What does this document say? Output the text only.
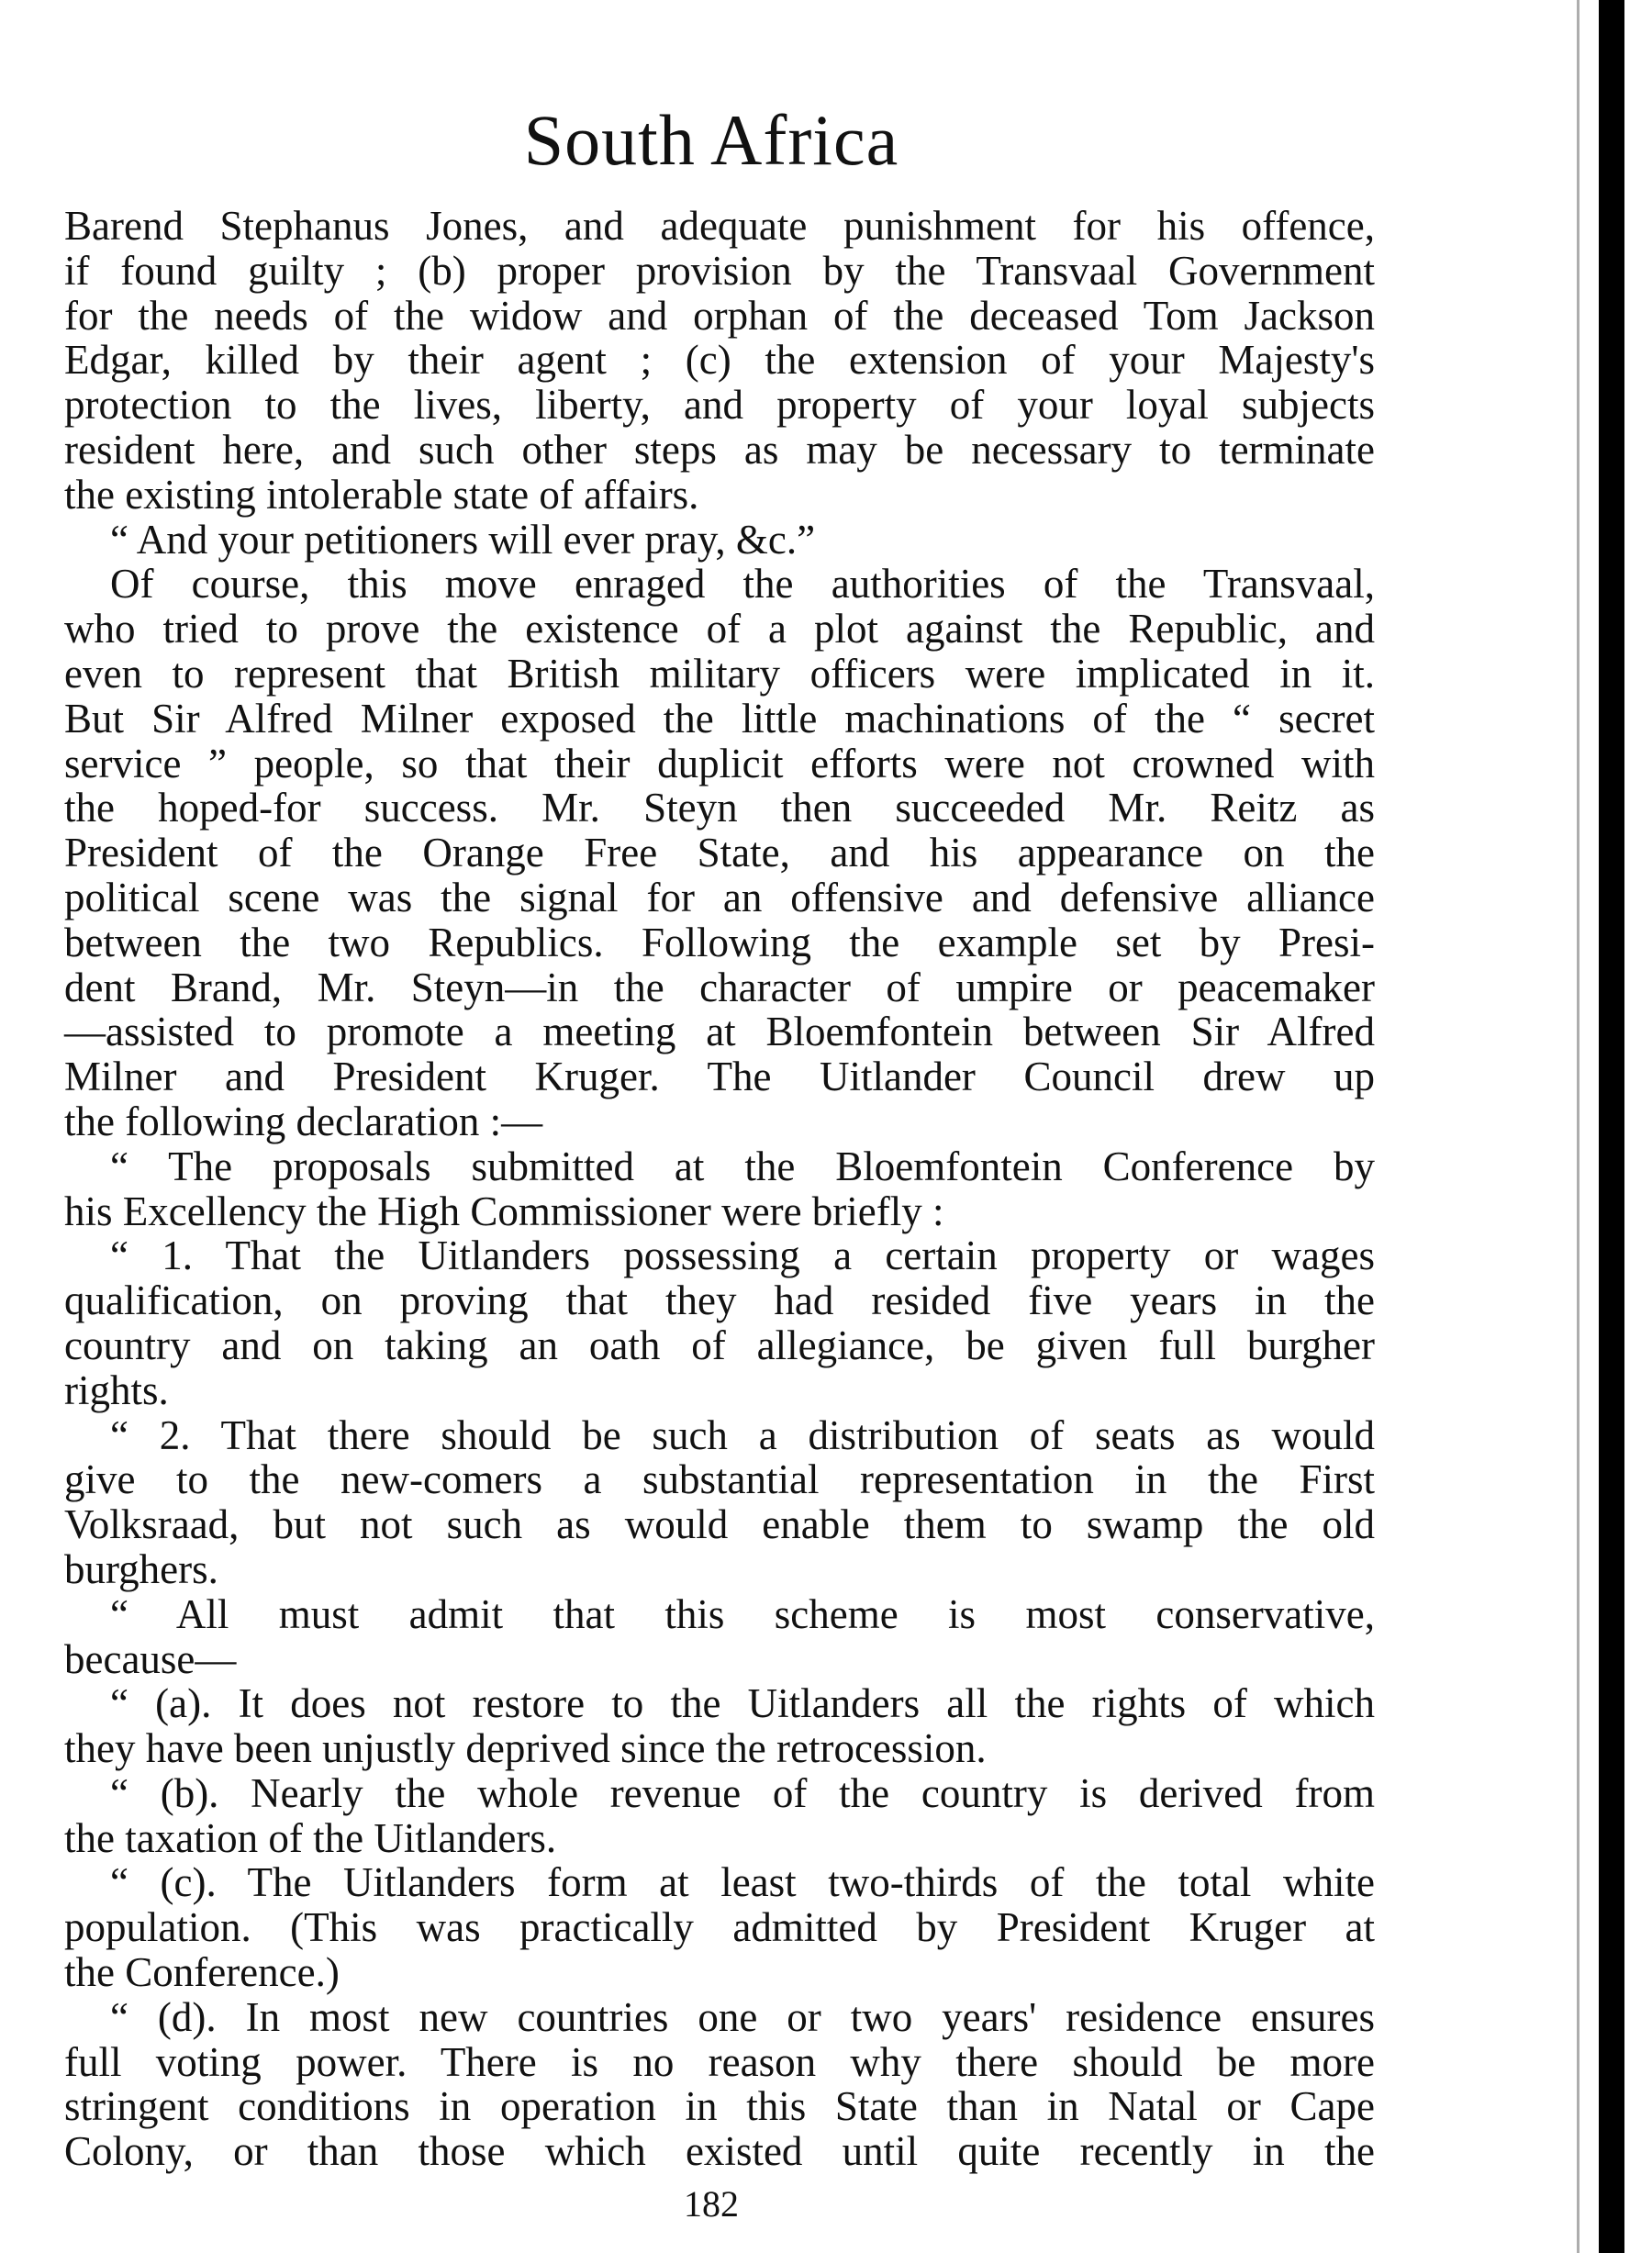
South Africa
Barend Stephanus Jones, and adequate punishment for his offence,
if found guilty ; (b) proper provision by the Transvaal Government
for the needs of the widow and orphan of the deceased Tom Jackson
Edgar, killed by their agent ; (c) the extension of your Majesty's
protection to the lives, liberty, and property of your loyal subjects
resident here, and such other steps as may be necessary to terminate
the existing intolerable state of affairs.
“ And your petitioners will ever pray, &c.”
Of course, this move enraged the authorities of the Transvaal,
who tried to prove the existence of a plot against the Republic, and
even to represent that British military officers were implicated in it.
But Sir Alfred Milner exposed the little machinations of the “ secret
service ” people, so that their duplicit efforts were not crowned with
the hoped-for success. Mr. Steyn then succeeded Mr. Reitz as
President of the Orange Free State, and his appearance on the
political scene was the signal for an offensive and defensive alliance
between the two Republics. Following the example set by Presi-
dent Brand, Mr. Steyn—in the character of umpire or peacemaker
—assisted to promote a meeting at Bloemfontein between Sir Alfred
Milner and President Kruger. The Uitlander Council drew up
the following declaration :—
“ The proposals submitted at the Bloemfontein Conference by
his Excellency the High Commissioner were briefly :
“ 1. That the Uitlanders possessing a certain property or wages
qualification, on proving that they had resided five years in the
country and on taking an oath of allegiance, be given full burgher
rights.
“ 2. That there should be such a distribution of seats as would
give to the new-comers a substantial representation in the First
Volksraad, but not such as would enable them to swamp the old
burghers.
“ All must admit that this scheme is most conservative,
because—
“ (a). It does not restore to the Uitlanders all the rights of which
they have been unjustly deprived since the retrocession.
“ (b). Nearly the whole revenue of the country is derived from
the taxation of the Uitlanders.
“ (c). The Uitlanders form at least two-thirds of the total white
population. (This was practically admitted by President Kruger at
the Conference.)
“ (d). In most new countries one or two years' residence ensures
full voting power. There is no reason why there should be more
stringent conditions in operation in this State than in Natal or Cape
Colony, or than those which existed until quite recently in the
182
